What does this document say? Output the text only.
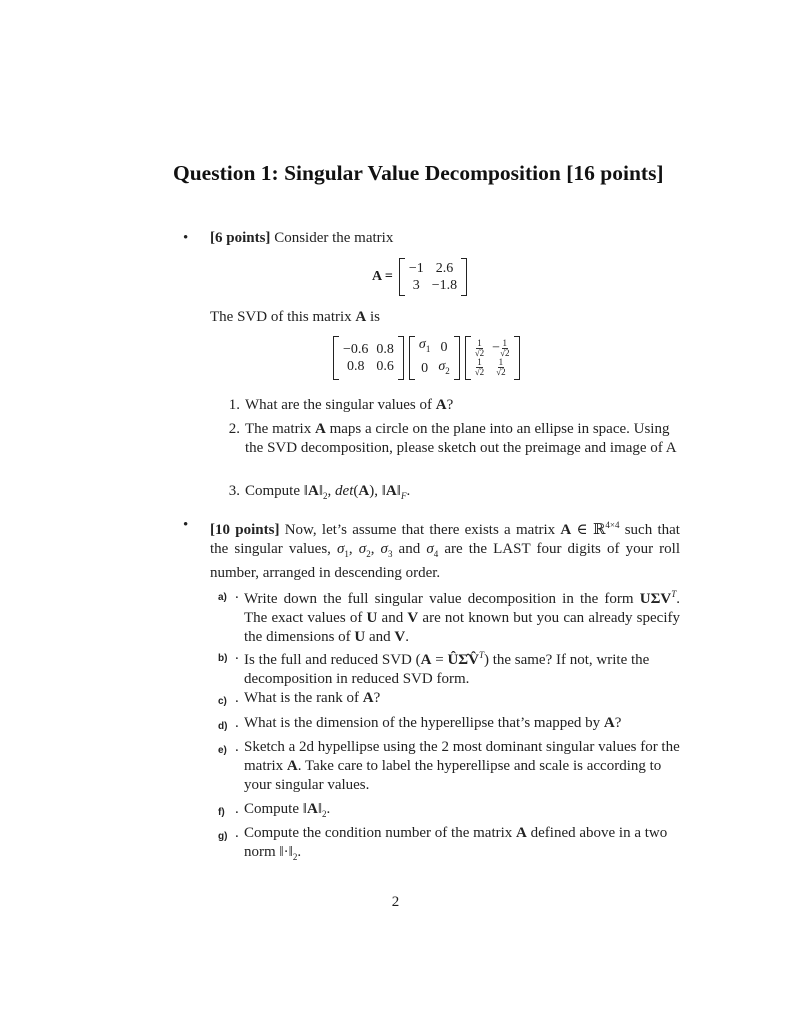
Question 1: Singular Value Decomposition [16 points]
• [6 points] Consider the matrix
A =
−1	2.6
3	−1.8
The SVD of this matrix A is
−0.6	0.8
0.8	0.6
$\sigma_1$	0
0	$\sigma_2$
$\frac{1}{√2}$	− $\frac{1}{√2}$

$\frac{1}{√2}$	$\frac{1}{√2}$
1. What are the singular values of A?
2. The matrix A maps a circle on the plane into an ellipse in space. Using the SVD decomposition, please sketch out the preimage and image of A
3. Compute $‖A‖_2$, det(A), $‖A‖_F$.
• [10 points] Now, let’s assume that there exists a matrix A ∈ ℝ$^{4\times 4}$ such that the singular values, $\sigma_1$, $\sigma_2$, $\sigma_3$ and $\sigma_4$ are the LAST four digits of your roll number, arranged in descending order.
a) . Write down the full singular value decomposition in the form $U\Sigma V^T$. The exact values of U and V are not known but you can already specify the dimensions of U and V.
b) . Is the full and reduced SVD (A = ÛΣ̂V̂$^T$) the same? If not, write the decomposition in reduced SVD form.
c) . What is the rank of A?
d) . What is the dimension of the hyperellipse that’s mapped by A?
e) . Sketch a 2d hypellipse using the 2 most dominant singular values for the matrix A. Take care to label the hyperellipse and scale is according to your singular values.
f) . Compute $‖A‖_2$.
g) . Compute the condition number of the matrix A defined above in a two norm $‖\cdot‖_2$.
2
